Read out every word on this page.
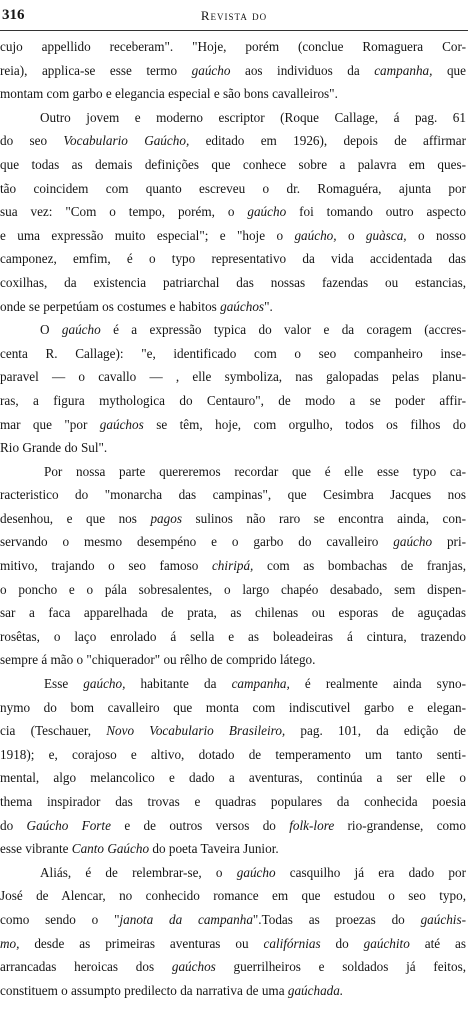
316	Revista do
cujo appellido receberam". "Hoje, porém (conclue Romaguera Cor-
reia), applica-se esse termo gaúcho aos individuos da campanha, que
montam com garbo e elegancia especial e são bons cavalleiros".
Outro jovem e moderno escriptor (Roque Callage, á pag. 61
do seo Vocabulario Gaúcho, editado em 1926), depois de affirmar
que todas as demais definições que conhece sobre a palavra em ques-
tão coincidem com quanto escreveu o dr. Romaguéra, ajunta por
sua vez: "Com o tempo, porém, o gaúcho foi tomando outro aspecto
e uma expressão muito especial"; e "hoje o gaúcho, o guàsca, o nosso
camponez, emfim, é o typo representativo da vida accidentada das
coxilhas, da existencia patriarchal das nossas fazendas ou estancias,
onde se perpetúam os costumes e habitos gaúchos".
O gaúcho é a expressão typica do valor e da coragem (accres-
centa R. Callage): "e, identificado com o seo companheiro inse-
paravel — o cavallo — , elle symboliza, nas galopadas pelas planu-
ras, a figura mythologica do Centauro", de modo a se poder affir-
mar que "por gaúchos se têm, hoje, com orgulho, todos os filhos do
Rio Grande do Sul".
Por nossa parte quereremos recordar que é elle esse typo ca-
racteristico do "monarcha das campinas", que Cesimbra Jacques nos
desenhou, e que nos pagos sulinos não raro se encontra ainda, con-
servando o mesmo desempéno e o garbo do cavalleiro gaúcho pri-
mitivo, trajando o seo famoso chiripá, com as bombachas de franjas,
o poncho e o pála sobresalentes, o largo chapéo desabado, sem dispen-
sar a faca apparelhada de prata, as chilenas ou esporas de aguçadas
rosêtas, o laço enrolado á sella e as boleadeiras á cintura, trazendo
sempre á mão o "chiquerador" ou rêlho de comprido látego.
Esse gaúcho, habitante da campanha, é realmente ainda syno-
nymo do bom cavalleiro que monta com indiscutivel garbo e elegan-
cia (Teschauer, Novo Vocabulario Brasileiro, pag. 101, da edição de
1918); e, corajoso e altivo, dotado de temperamento um tanto senti-
mental, algo melancolico e dado a aventuras, continúa a ser elle o
thema inspirador das trovas e quadras populares da conhecida poesia
do Gaúcho Forte e de outros versos do folk-lore rio-grandense, como
esse vibrante Canto Gaúcho do poeta Taveira Junior.
Aliás, é de relembrar-se, o gaúcho casquilho já era dado por
José de Alencar, no conhecido romance em que estudou o seo typo,
como sendo o "janota da campanha".Todas as proezas do gaúchis-
mo, desde as primeiras aventuras ou califórnias do gaúchito até as
arrancadas heroicas dos gaúchos guerrilheiros e soldados já feitos,
constituem o assumpto predilecto da narrativa de uma gaúchada.
